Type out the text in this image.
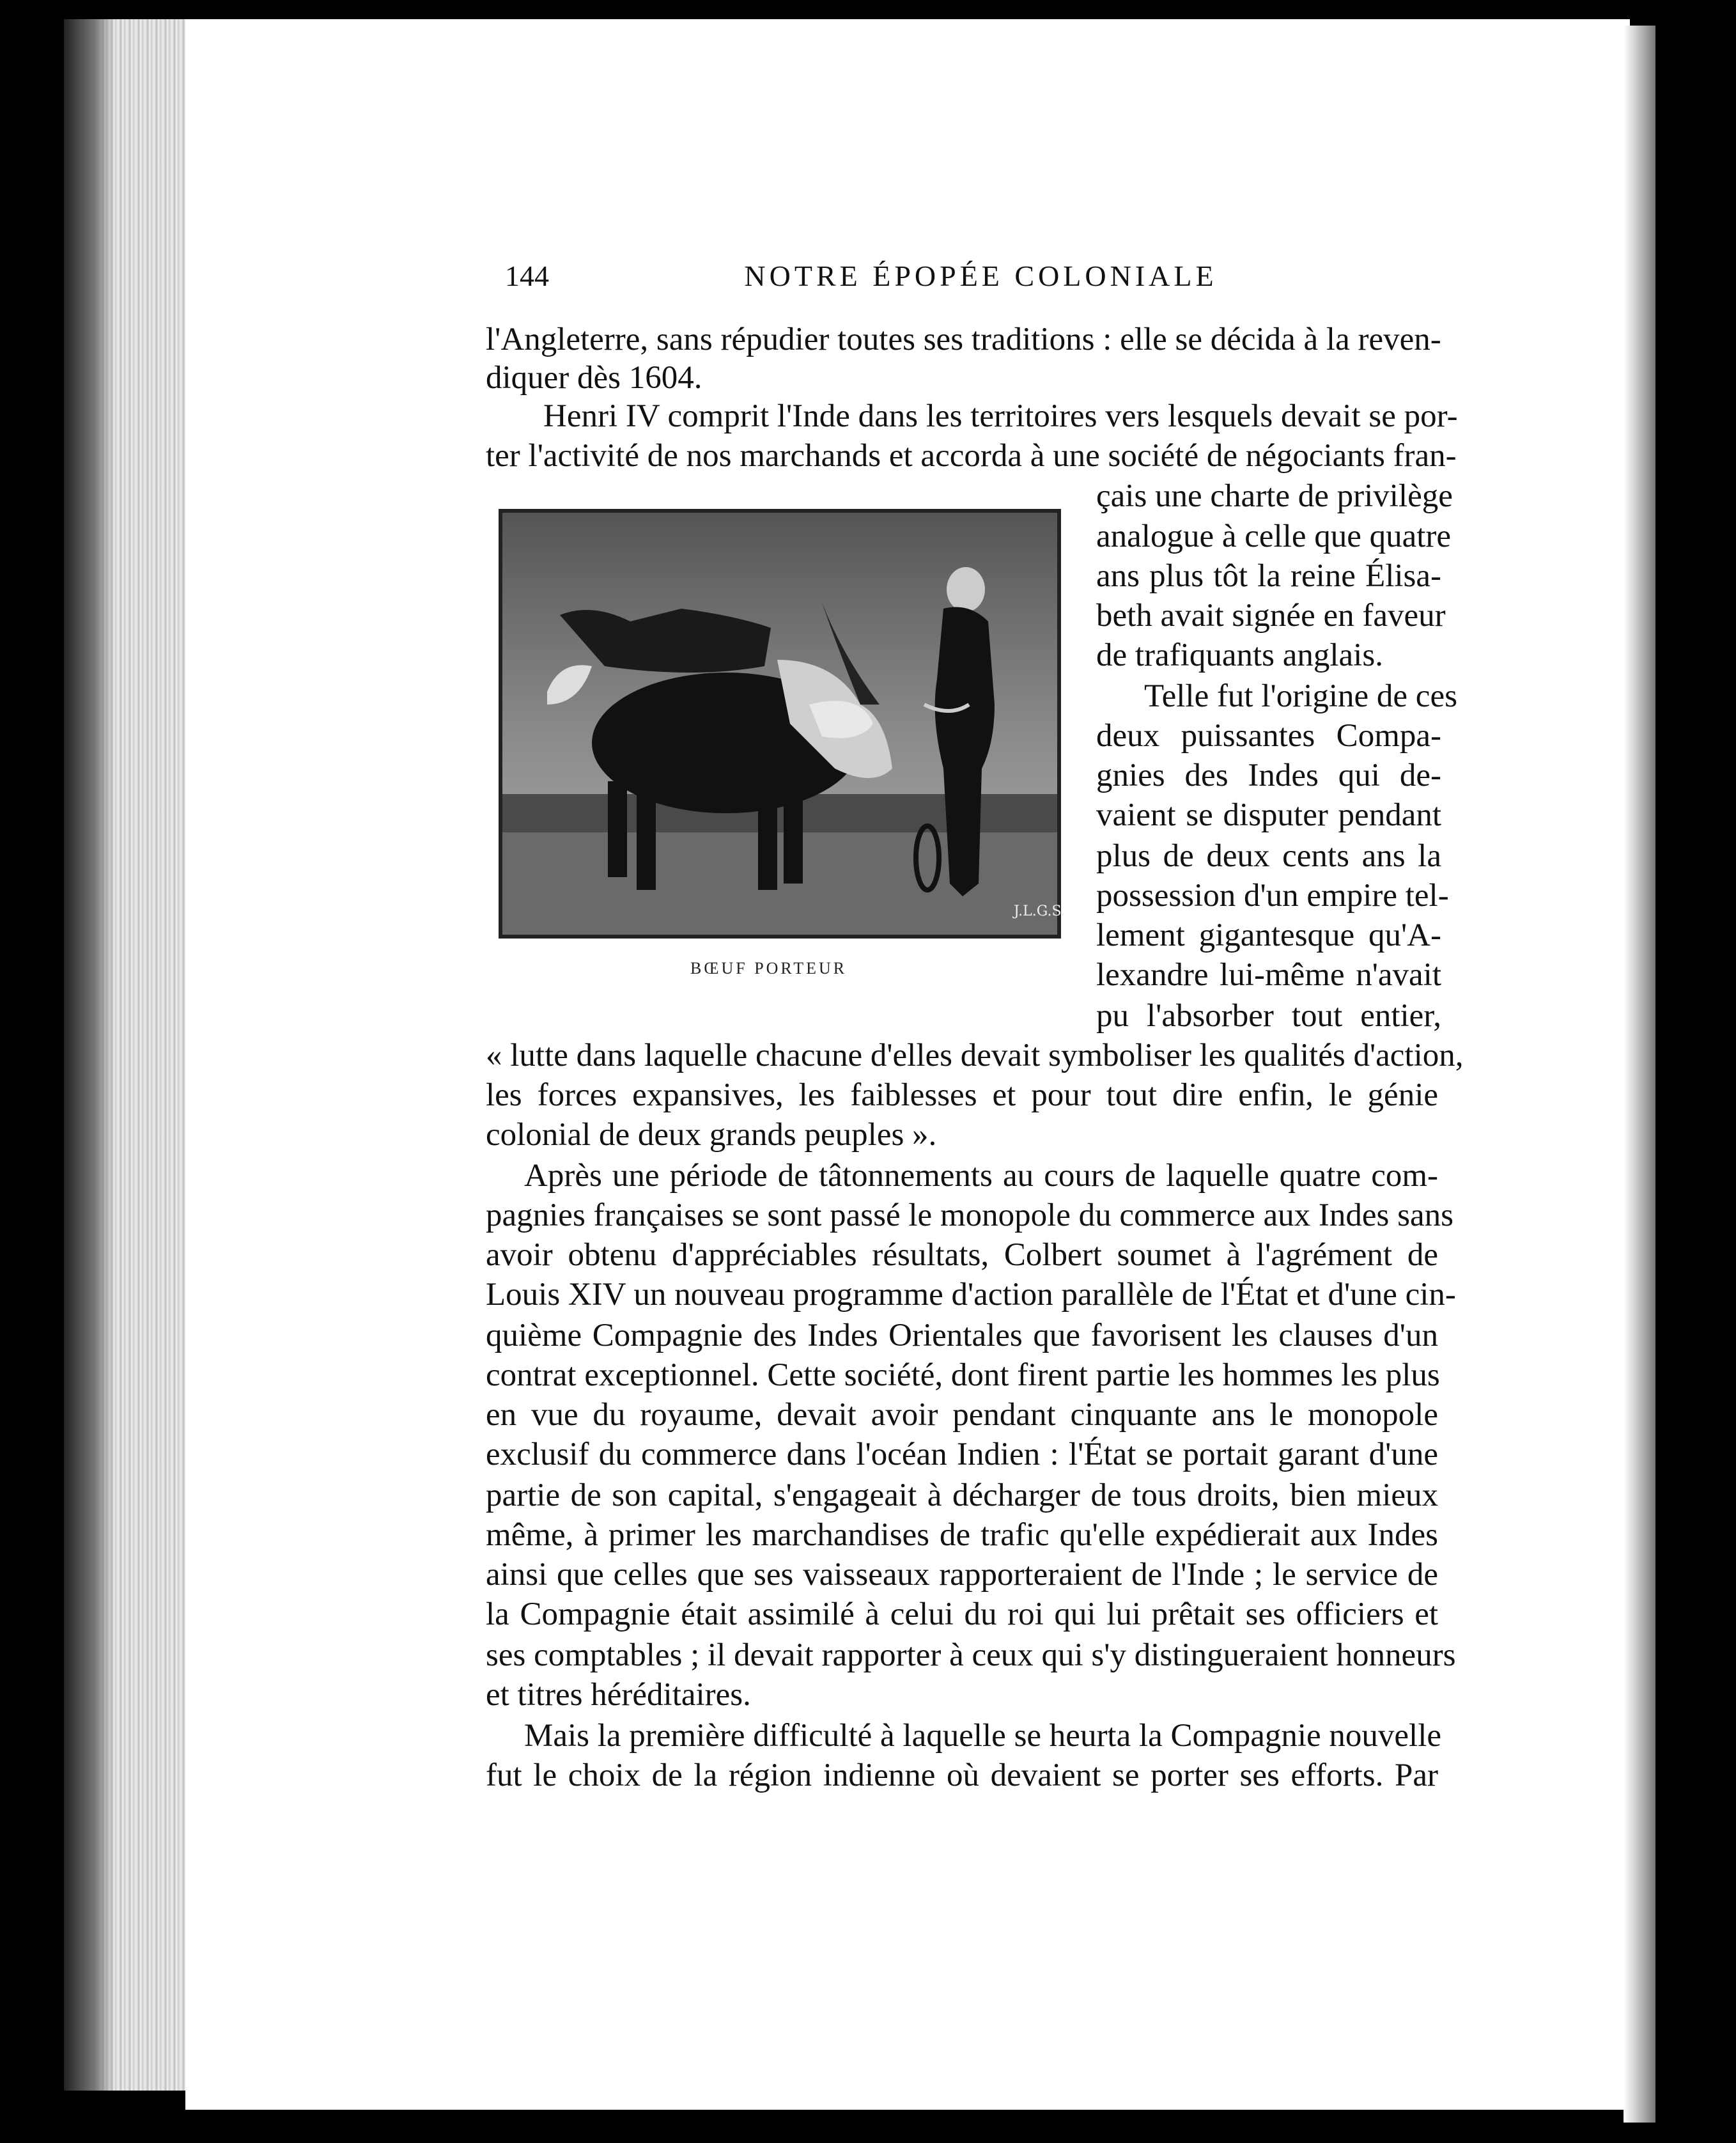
144	NOTRE ÉPOPÉE COLONIALE
l'Angleterre, sans répudier toutes ses traditions : elle se décida à la reven-
diquer dès 1604.
Henri IV comprit l'Inde dans les territoires vers lesquels devait se por-
ter l'activité de nos marchands et accorda à une société de négociants fran-
J.L.G.S.
BŒUF PORTEUR
çais une charte de privilège
analogue à celle que quatre
ans plus tôt la reine Élisa-
beth avait signée en faveur
de trafiquants anglais.
Telle fut l'origine de ces
deux puissantes Compa-
gnies des Indes qui de-
vaient se disputer pendant
plus de deux cents ans la
possession d'un empire tel-
lement gigantesque qu'A-
lexandre lui-même n'avait
pu l'absorber tout entier,
« lutte dans laquelle chacune d'elles devait symboliser les qualités d'action,
les forces expansives, les faiblesses et pour tout dire enfin, le génie
colonial de deux grands peuples ».
Après une période de tâtonnements au cours de laquelle quatre com-
pagnies françaises se sont passé le monopole du commerce aux Indes sans
avoir obtenu d'appréciables résultats, Colbert soumet à l'agrément de
Louis XIV un nouveau programme d'action parallèle de l'État et d'une cin-
quième Compagnie des Indes Orientales que favorisent les clauses d'un
contrat exceptionnel. Cette société, dont firent partie les hommes les plus
en vue du royaume, devait avoir pendant cinquante ans le monopole
exclusif du commerce dans l'océan Indien : l'État se portait garant d'une
partie de son capital, s'engageait à décharger de tous droits, bien mieux
même, à primer les marchandises de trafic qu'elle expédierait aux Indes
ainsi que celles que ses vaisseaux rapporteraient de l'Inde ; le service de
la Compagnie était assimilé à celui du roi qui lui prêtait ses officiers et
ses comptables ; il devait rapporter à ceux qui s'y distingueraient honneurs
et titres héréditaires.
Mais la première difficulté à laquelle se heurta la Compagnie nouvelle
fut le choix de la région indienne où devaient se porter ses efforts. Par
